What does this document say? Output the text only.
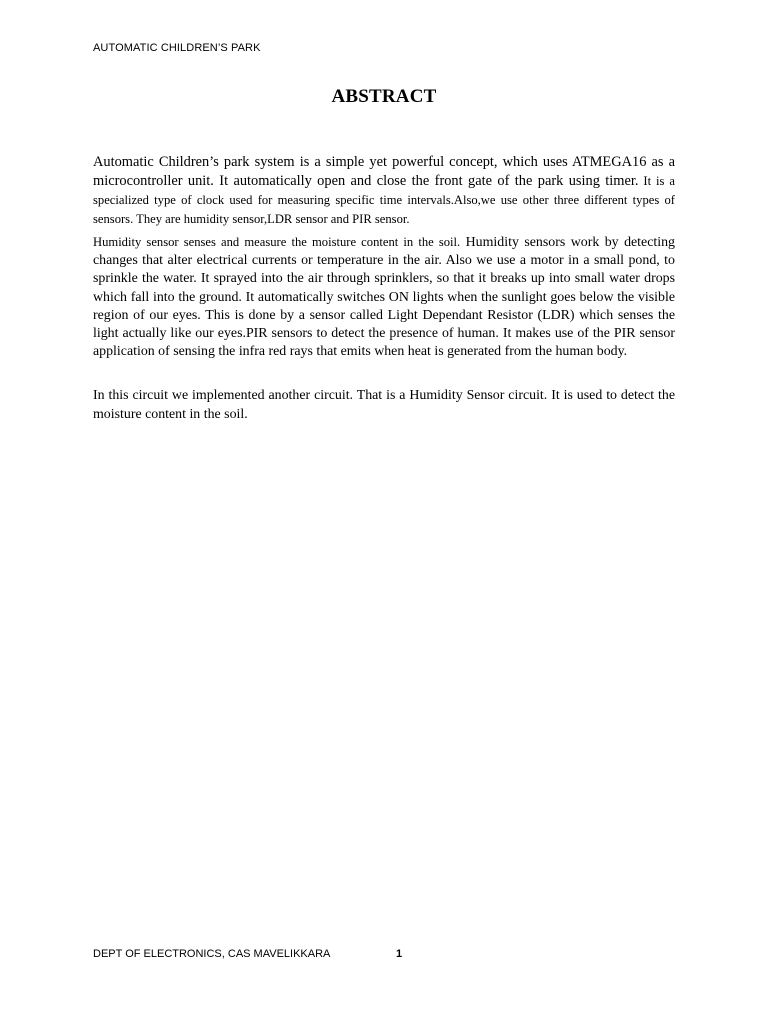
AUTOMATIC CHILDREN’S PARK
ABSTRACT

Automatic Children’s park system is a simple yet powerful concept, which uses ATMEGA16 as a microcontroller unit. It automatically open and close the front gate of the park using timer. It is a specialized type of clock used for measuring specific time intervals.Also,we use other three different types of sensors. They are humidity sensor,LDR sensor and PIR sensor.

Humidity sensor senses and measure the moisture content in the soil. Humidity sensors work by detecting changes that alter electrical currents or temperature in the air. Also we use a motor in a small pond, to sprinkle the water. It sprayed into the air through sprinklers, so that it breaks up into small water drops which fall into the ground. It automatically switches ON lights when the sunlight goes below the visible region of our eyes. This is done by a sensor called Light Dependant Resistor (LDR) which senses the light actually like our eyes.PIR sensors to detect the presence of human. It makes use of the PIR sensor application of sensing the infra red rays that emits when heat is generated from the human body.

In this circuit we implemented another circuit. That is a Humidity Sensor circuit. It is used to detect the moisture content in the soil.

DEPT OF ELECTRONICS, CAS MAVELIKKARA	1
